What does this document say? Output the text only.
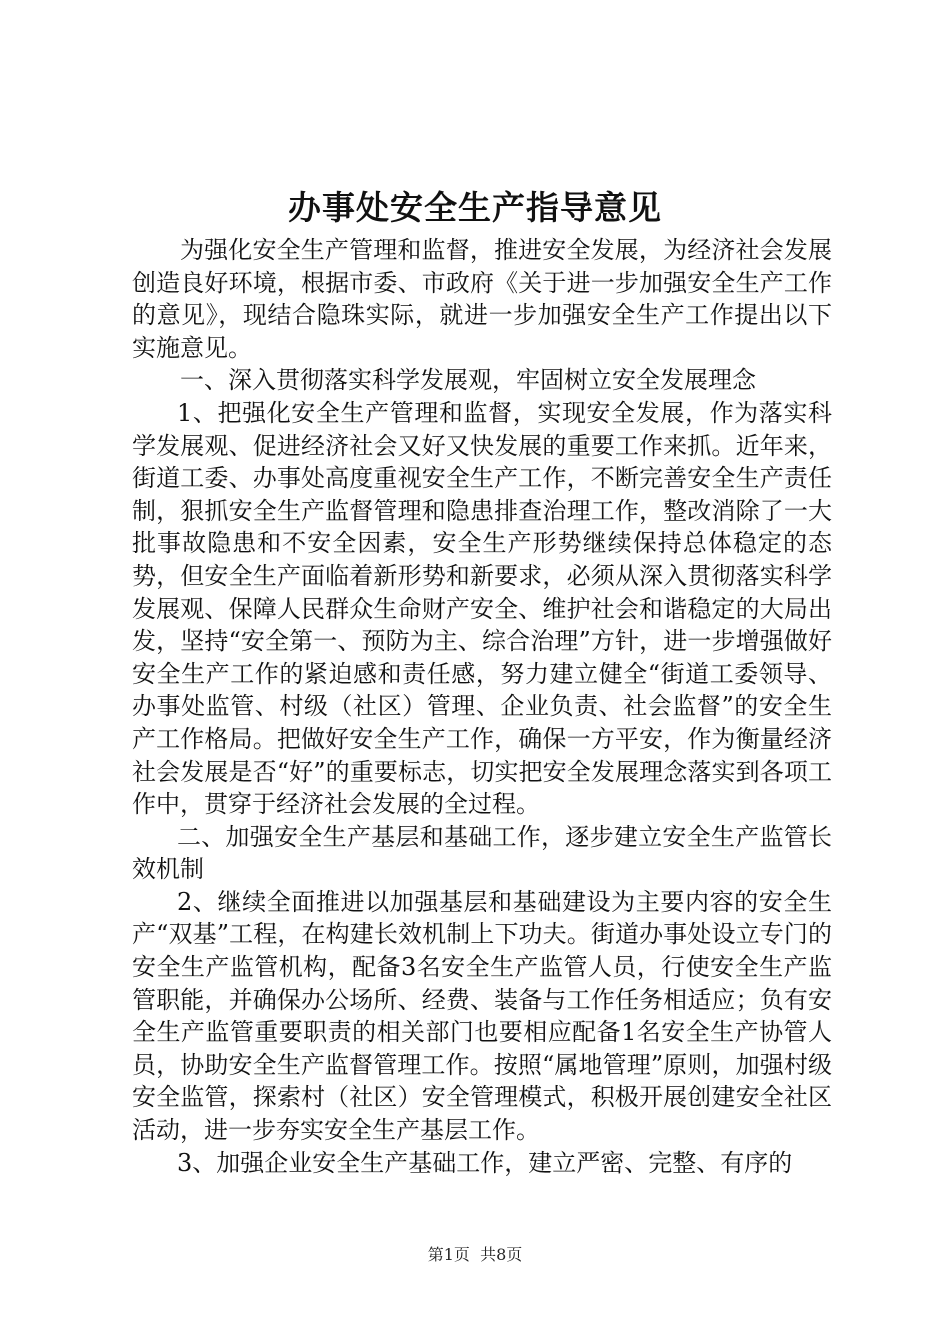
办事处安全生产指导意见

为强化安全生产管理和监督，推进安全发展，为经济社会发展创造良好环境，根据市委、市政府《关于进一步加强安全生产工作的意见》，现结合隐珠实际，就进一步加强安全生产工作提出以下实施意见。

一、深入贯彻落实科学发展观，牢固树立安全发展理念

1、把强化安全生产管理和监督，实现安全发展，作为落实科学发展观、促进经济社会又好又快发展的重要工作来抓。近年来，街道工委、办事处高度重视安全生产工作，不断完善安全生产责任制，狠抓安全生产监督管理和隐患排查治理工作，整改消除了一大批事故隐患和不安全因素，安全生产形势继续保持总体稳定的态势，但安全生产面临着新形势和新要求，必须从深入贯彻落实科学发展观、保障人民群众生命财产安全、维护社会和谐稳定的大局出发，坚持“安全第一、预防为主、综合治理”方针，进一步增强做好安全生产工作的紧迫感和责任感，努力建立健全“街道工委领导、办事处监管、村级（社区）管理、企业负责、社会监督”的安全生产工作格局。把做好安全生产工作，确保一方平安，作为衡量经济社会发展是否“好”的重要标志，切实把安全发展理念落实到各项工作中，贯穿于经济社会发展的全过程。

二、加强安全生产基层和基础工作，逐步建立安全生产监管长效机制

2、继续全面推进以加强基层和基础建设为主要内容的安全生产“双基”工程，在构建长效机制上下功夫。街道办事处设立专门的安全生产监管机构，配备3名安全生产监管人员，行使安全生产监管职能，并确保办公场所、经费、装备与工作任务相适应；负有安全生产监管重要职责的相关部门也要相应配备1名安全生产协管人员，协助安全生产监督管理工作。按照“属地管理”原则，加强村级安全监管，探索村（社区）安全管理模式，积极开展创建安全社区活动，进一步夯实安全生产基层工作。

3、加强企业安全生产基础工作，建立严密、完整、有序的

第1页 共8页
